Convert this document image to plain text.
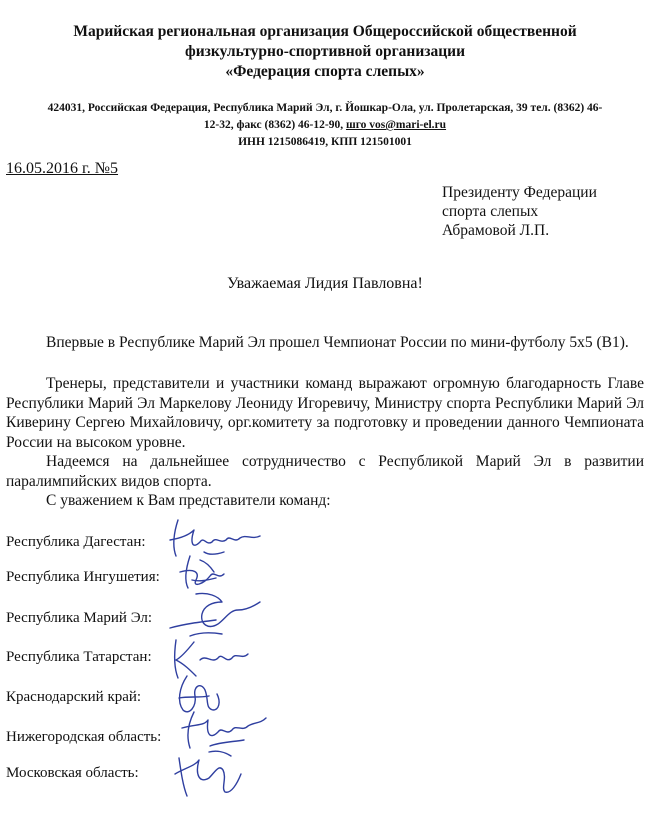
Марийская региональная организация Общероссийской общественной
физкультурно-спортивной организации
«Федерация спорта слепых»
424031, Российская Федерация, Республика Марий Эл, г. Йошкар-Ола, ул. Пролетарская, 39 тел. (8362) 46-
12-32, факс (8362) 46-12-90, шго vos@mari-el.ru
ИНН 1215086419, КПП 121501001
16.05.2016 г. №5
Президенту Федерации
спорта слепых
Абрамовой Л.П.
Уважаемая Лидия Павловна!
Впервые в Республике Марий Эл прошел Чемпионат России по мини-футболу 5х5 (В1).
Тренеры, представители и участники команд выражают огромную благодарность Главе Республики Марий Эл Маркелову Леониду Игоревичу, Министру спорта Республики Марий Эл Киверину Сергею Михайловичу, орг.комитету за подготовку и проведении данного Чемпионата России на высоком уровне.
Надеемся на дальнейшее сотрудничество с Республикой Марий Эл в развитии паралимпийских видов спорта.
С уважением к Вам представители команд:
Республика Дагестан:
Республика Ингушетия:
Республика Марий Эл:
Республика Татарстан:
Краснодарский край:
Нижегородская область:
Московская область:
